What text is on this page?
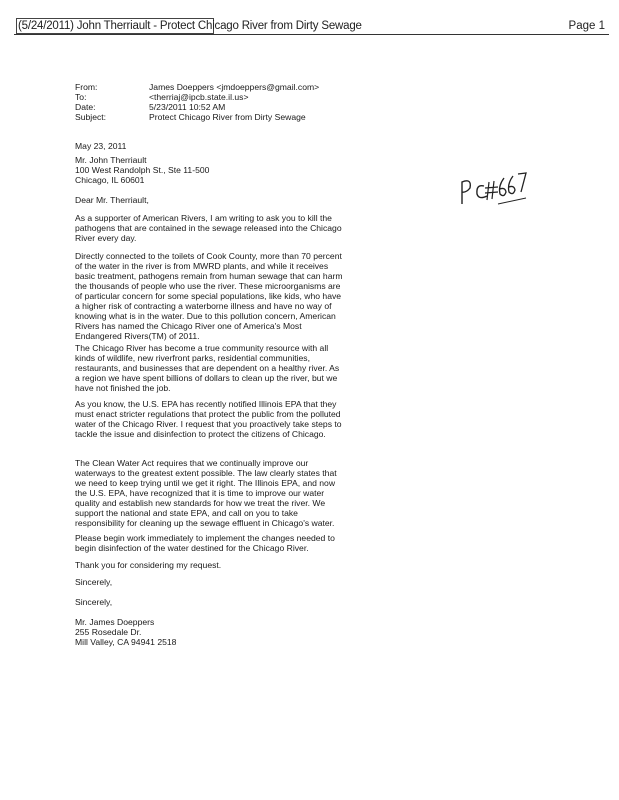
(5/24/2011) John Therriault - Protect Chicago River from Dirty Sewage	Page 1
From:	James Doeppers <jmdoeppers@gmail.com>
To:	<therriaj@ipcb.state.il.us>
Date:	5/23/2011 10:52 AM
Subject:	Protect Chicago River from Dirty Sewage
May 23, 2011

Mr. John Therriault

100 West Randolph St., Ste 11-500

Chicago, IL 60601

Dear Mr. Therriault,
As a supporter of American Rivers, I am writing to ask you to kill the pathogens that are contained in the sewage released into the Chicago River every day.
Directly connected to the toilets of Cook County, more than 70 percent of the water in the river is from MWRD plants, and while it receives basic treatment, pathogens remain from human sewage that can harm the thousands of people who use the river. These microorganisms are of particular concern for some special populations, like kids, who have a higher risk of contracting a waterborne illness and have no way of knowing what is in the water. Due to this pollution concern, American Rivers has named the Chicago River one of America's Most Endangered Rivers(TM) of 2011.
The Chicago River has become a true community resource with all kinds of wildlife, new riverfront parks, residential communities, restaurants, and businesses that are dependent on a healthy river. As a region we have spent billions of dollars to clean up the river, but we have not finished the job.
As you know, the U.S. EPA has recently notified Illinois EPA that they must enact stricter regulations that protect the public from the polluted water of the Chicago River. I request that you proactively take steps to tackle the issue and disinfection to protect the citizens of Chicago.
The Clean Water Act requires that we continually improve our waterways to the greatest extent possible. The law clearly states that we need to keep trying until we get it right. The Illinois EPA, and now the U.S. EPA, have recognized that it is time to improve our water quality and establish new standards for how we treat the river. We support the national and state EPA, and call on you to take responsibility for cleaning up the sewage effluent in Chicago's water.
Please begin work immediately to implement the changes needed to begin disinfection of the water destined for the Chicago River.
Thank you for considering my request.
Sincerely,
Sincerely,

Mr. James Doeppers

255 Rosedale Dr.

Mill Valley, CA 94941 2518
